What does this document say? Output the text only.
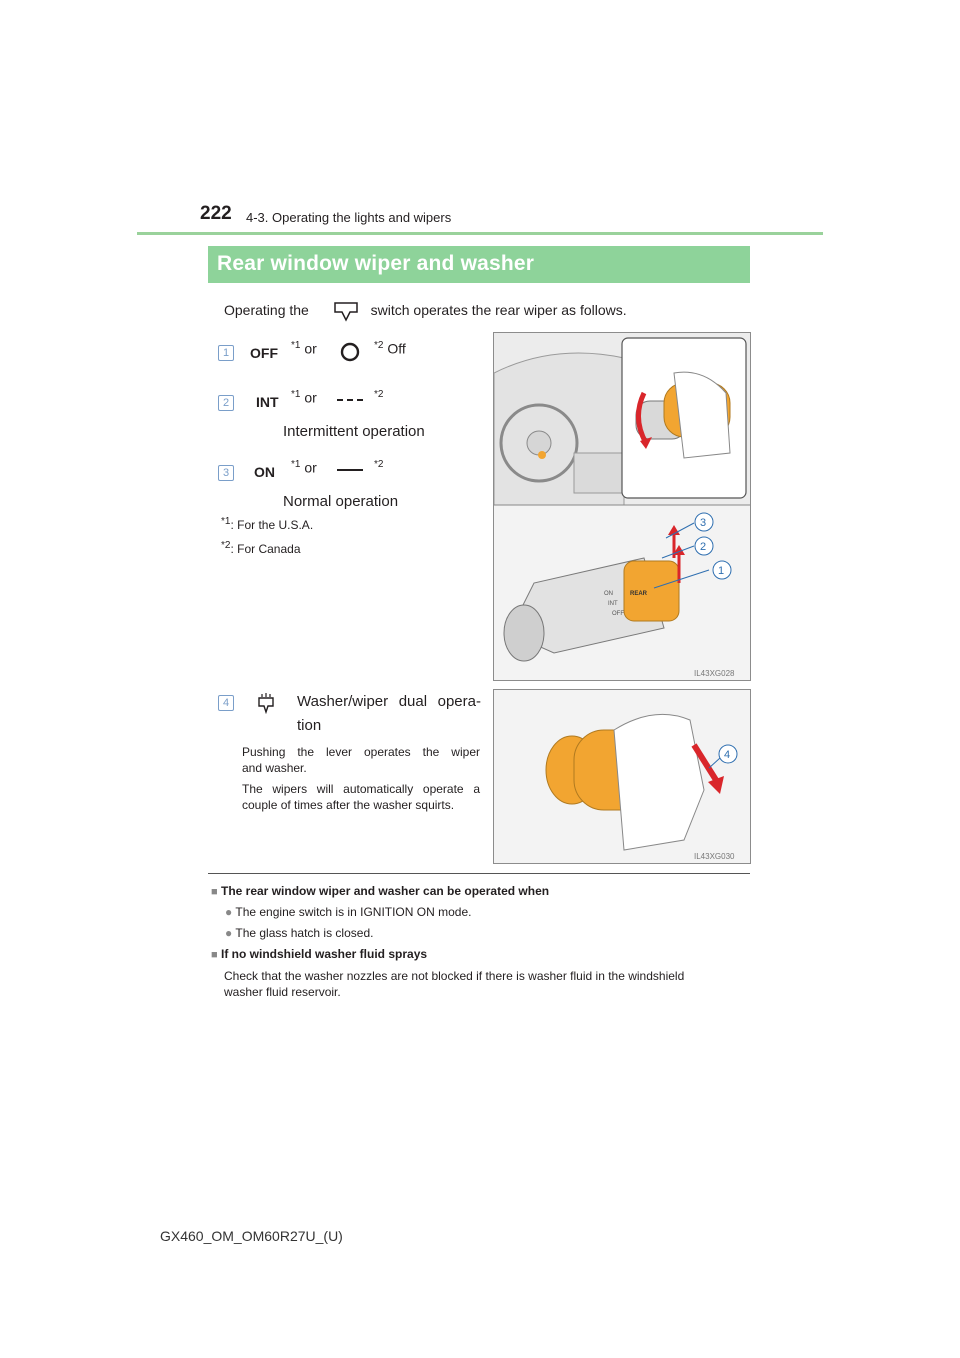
222 4-3. Operating the lights and wipers
Rear window wiper and washer
Operating the	switch operates the rear wiper as follows.
1	OFF $^{*1}$ or	$^{*2}$ Off
2	INT $^{*1}$ or	$^{*2}$
Intermittent operation
3	ON $^{*1}$ or	$^{*2}$
Normal operation
$^{*1}$: For the U.S.A.
$^{*2}$: For Canada
ON
INT
OFF
REAR
3
2
1
IL43XG028
4	Washer/wiper dual opera-
tion
Pushing the lever operates the wiper
and washer.
The wipers will automatically operate a
couple of times after the washer squirts.
4
IL43XG030
■ The rear window wiper and washer can be operated when
● The engine switch is in IGNITION ON mode.
● The glass hatch is closed.
■ If no windshield washer fluid sprays
Check that the washer nozzles are not blocked if there is washer fluid in the windshield
washer fluid reservoir.
GX460_OM_OM60R27U_(U)
